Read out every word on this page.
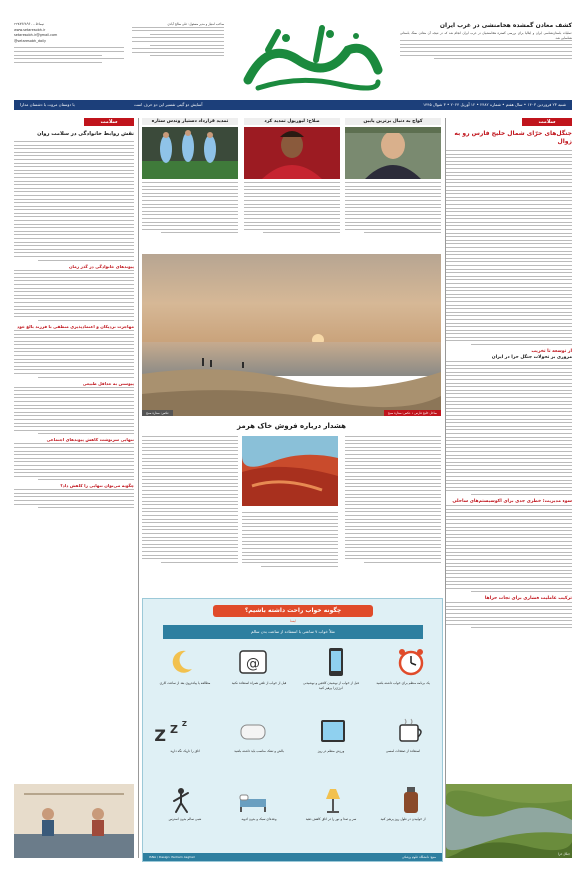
نیما:۲۲۷۸۹۶۸۹۶۰۰۰۵
www.setaresobh.ir
setaresobh.ir@gmail.com
@setaresobh_daily
صاحب امتیاز و مدیر مسئول: علی صالح آبادی	کشف معادن گمشده هخامنشی در غرب ایران
عملیات باستان‌شناسی ایران و ایتالیا برای بررسی گستره هخامنشیان در غرب ایران انجام شد که در نتیجه آن معادن سنگ باستانی شناسایی شد.
شنبه ۲۳ فروردین ۱۴۰۳ • سال هفتم • شماره ۲۴۸۲ • ۱۲ آوریل ۲۰۲۴ • ۳ شوال ۱۴۴۵
آسایش دو گیتی تفسیر این دو حرف است
با دوستان مروت با دشمنان مدارا
سلامت
جنگل‌های حرّای شمال خلیج فارس رو به زوال
از توسعه تا تخریب
مروری بر تحولات جنگل حرا در ایران
سوء مدیریت؛ خطری جدی برای اکوسیستم‌های ساحلی
ترکیب عاملیت فشاری برای نجات حراها
جنگل حرا
کواچ به دنبال برترین پایین
صلاح؛ لیورپول تمدید کرد
تمدید قرارداد دستیار وندس ستاره
ساحل خلیج فارس • عکس: ستاره صبح
عکس: ستاره صبح
هشدار درباره فروش خاک هرمز
چگونه خواب راحت داشته باشیم؟
ایسنا
مثلاً خواب ۷ ساعتی با استفاده از ساعت بدن سالم
@
یک برنامه منظم برای خواب داشته باشید
قبل از خواب از نوشیدن کافئین و نوشیدنی انرژی‌زا پرهیز کنید
قبل از خواب از تلفن همراه استفاده نکنید
مطالعه یا پیاده‌روی بعد از ساعت کاری
Z Z Z
استفاده از صفحات لمسی
ورزش منظم در روز
بالش و تشک مناسب باید داشته باشید
اتاق را تاریک نگه دارید
از خوابیدن در طول روز پرهیز کنید
سر و صدا و نور را در اتاق کاهش دهید
وعده‌ای سبک و بدون ادویه
شبی سالم بدون استرس
منبع: دانشگاه علوم پزشکی
ISNA / Design: Pedram Asghari
سلامت
نقش روابط خانوادگی در سلامت روان
پیوندهای خانوادگی در گذر زمان
مهاجرت نزدیکان و اعتمادپذیری منطقی با فرزند بالغ خود
پیوستن به حداقل طبیعی
تنهایی سرنوشت کاهش پیوندهای اجتماعی
چگونه می‌توان تنهایی را کاهش داد؟
